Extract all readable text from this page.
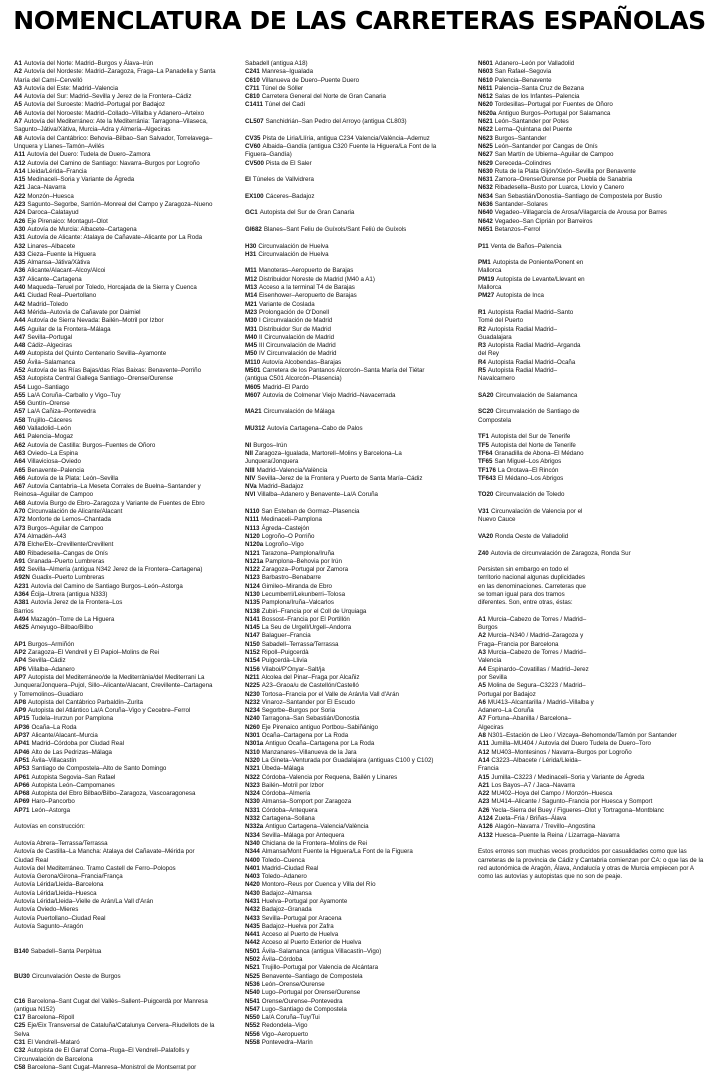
NOMENCLATURA DE LAS CARRETERAS ESPAÑOLAS
A1 Autovía del Norte: Madrid–Burgos y Álava–Irún
A2 Autovía del Nordeste: Madrid–Zaragoza, Fraga–La Panadella y Santa
María del Camí–Cervelló
A3 Autovía del Este: Madrid–Valencia
A4 Autovía del Sur: Madrid–Sevilla y Jerez de la Frontera–Cádiz
A5 Autovía del Suroeste: Madrid–Portugal por Badajoz
A6 Autovía del Noroeste: Madrid–Collado–Villalba y Adanero–Arteixo
A7 Autovía del Mediterráneo: Ate la Mediterránia: Tarragona–Vilaseca,
Sagunto–Játiva/Xàtiva, Murcia–Adra y Almería–Algeciras
A8 Autovía del Cantábrico: Behovia–Bilbao–San Salvador, Torrelavega–
Unquera y Llanes–Tamón–Avilés
A11 Autovía del Duero: Tudela de Duero–Zamora
A12 Autovía del Camino de Santiago: Navarra–Burgos por Logroño
A14 Lleida/Lérida–Francia
A15 Medinaceli–Soria y Variante de Ágreda
A21 Jaca–Navarra
A22 Monzón–Huesca
A23 Sagunto–Segorbe, Sarrión–Monreal del Campo y Zaragoza–Nueno
A24 Daroca–Calatayud
A26 Eje Pirenaico: Montagut–Olot
A30 Autovía de Murcia: Albacete–Cartagena
A31 Autovía de Alicante: Atalaya de Cañavate–Alicante por La Roda
A32 Linares–Albacete
A33 Cieza–Fuente la Higuera
A35 Almansa–Játiva/Xàtiva
A36 Alicante/Alacant–Alcoy/Alcoi
A37 Alicante–Cartagena
A40 Maqueda–Teruel por Toledo, Horcajada de la Sierra y Cuenca
A41 Ciudad Real–Puertollano
A42 Madrid–Toledo
A43 Mérida–Autovía de Cañavate por Daimiel
A44 Autovía de Sierra Nevada: Bailén–Motril por Izbor
A45 Aguilar de la Frontera–Málaga
A47 Sevilla–Portugal
A48 Cádiz–Algeciras
A49 Autopista del Quinto Centenario Sevilla–Ayamonte
A50 Ávila–Salamanca
A52 Autovía de las Rías Bajas/das Rías Baixas: Benavente–Porriño
A53 Autopista Central Gallega Santiago–Orense/Ourense
A54 Lugo–Santiago
A55 La/A Coruña–Carballo y Vigo–Tuy
A56 Guntín–Orense
A57 La/A Cañiza–Pontevedra
A58 Trujillo–Cáceres
A60 Valladolid–León
A61 Palencia–Mogaz
A62 Autovía de Castilla: Burgos–Fuentes de Oñoro
A63 Oviedo–La Espina
A64 Villaviciosa–Oviedo
A65 Benavente–Palencia
A66 Autovía de la Plata: León–Sevilla
A67 Autovía Cantabria–La Meseta Corrales de Buelna–Santander y
Reinosa–Aguilar de Campoo
A68 Autovía Burgo de Ebro–Zaragoza y Variante de Fuentes de Ebro
A70 Circunvalación de Alicante/Alacant
A72 Monforte de Lemos–Chantada
A73 Burgos–Aguilar de Campoo
A74 Almadén–A43
A78 Elche/Elx–Crevillente/Crevillent
A80 Ribadesella–Cangas de Onís
A91 Granada–Puerto Lumbreras
A92 Sevilla–Almería (antigua N342 Jerez de la Frontera–Cartagena)
A92N Guadix–Puerto Lumbreras
A231 Autovía del Camino de Santiago Burgos–León–Astorga
A364 Écija–Utrera (antigua N333)
A381 Autovía Jerez de la Frontera–Los
Barrios
A494 Mazagón–Torre de La Higuera
A625 Ameyugo–Bilbao/Bilbo
AP1 Burgos–Armiñón
AP2 Zaragoza–El Vendrell y El Papiol–Molins de Rei
AP4 Sevilla–Cádiz
AP6 Villalba–Adanero
AP7 Autopista del Mediterráneo/de la Mediterrània/del Mediterrani La
Junquera/Jonquera–Pujol, Sillo–Alicante/Alacant, Crevillente–Cartagena
y Torremolinos–Guadiaro
AP8 Autopista del Cantábrico Parbaldín–Zurita
AP9 Autopista del Atlántico La/A Coruña–Vigo y Cecebre–Ferrol
AP15 Tudela–Irurzun por Pamplona
AP36 Ocaña–La Roda
AP37 Alicante/Alacant–Murcia
AP41 Madrid–Córdoba por Ciudad Real
AP46 Alto de Las Pedrizas–Málaga
AP51 Ávila–Villacastín
AP53 Santiago de Compostela–Alto de Santo Domingo
AP61 Autopista Segovia–San Rafael
AP66 Autopista León–Campomanes
AP68 Autopista del Ebro Bilbao/Bilbo–Zaragoza, Vascoaragonesa
AP69 Haro–Pancorbo
AP71 León–Astorga
Autovías en construcción:
Autovía Abrera–Terrassa/Terrassa
Autovía de Castilla–La Mancha: Atalaya del Cañavate–Mérida por
Ciudad Real
Autovía del Mediterráneo. Tramo Castell de Ferro–Polopos
Autovía Gerona/Girona–Francia/França
Autovía Lérida/Lleida–Barcelona
Autovía Lérida/Lleida–Huesca
Autovía Lérida/Lleida–Vielle de Arán/La Vall d'Arán
Autovía Oviedo–Mieres
Autovía Puertollano–Ciudad Real
Autovía Sagunto–Aragón
B140 Sabadell–Santa Perpètua
BU30 Circunvalación Oeste de Burgos
C16 Barcelona–Sant Cugat del Vallès–Sallent–Puigcerdà por Manresa
(antigua N152)
C17 Barcelona–Ripoll
C25 Eje/Eix Transversal de Cataluña/Catalunya Cervera–Riudellots de la
Selva
C31 El Vendrell–Mataró
C32 Autopista de El Garraf Coma–Ruga–El Vendrell–Palafolls y
Circunvalación de Barcelona
C58 Barcelona–Sant Cugat–Manresa–Monistrol de Montserrat por
Sabadell (antigua A18)
C241 Manresa–Igualada
C610 Villanueva de Duero–Puente Duero
C711 Túnel de Sóller
C810 Carretera General del Norte de Gran Canaria
C1411 Túnel del Cadí
CL507 Sanchidrián–San Pedro del Arroyo (antigua CL803)
CV35 Pista de Liria/Llíria, antigua C234 Valencia/València–Ademuz
CV60 Albaida–Gandía (antigua C320 Fuente la Higuera/La Font de la
Figuera–Gandía)
CV500 Pista de El Saler
EI Túneles de Vallvidrera
EX100 Cáceres–Badajoz
GC1 Autopista del Sur de Gran Canaria
GI682 Blanes–Sant Feliu de Guíxols/Sant Feliú de Guíxols
H30 Circunvalación de Huelva
H31 Circunvalación de Huelva
M11 Manoteras–Aeropuerto de Barajas
M12 Distribuidor Noreste de Madrid (M40 a A1)
M13 Acceso a la terminal T4 de Barajas
M14 Eisenhower–Aeropuerto de Barajas
M21 Variante de Coslada
M23 Prolongación de O'Donell
M30 I Circunvalación de Madrid
M31 Distribuidor Sur de Madrid
M40 II Circunvalación de Madrid
M45 III Circunvalación de Madrid
M50 IV Circunvalación de Madrid
M110 Autovía Alcobendas–Barajas
M501 Carretera de los Pantanos Alcorcón–Santa María del Tiétar
(antigua C501 Alcorcón–Plasencia)
M605 Madrid–El Pardo
M607 Autovía de Colmenar Viejo Madrid–Navacerrada
MA21 Circunvalación de Málaga
MU312 Autovía Cartagena–Cabo de Palos
NI Burgos–Irún
NII Zaragoza–Igualada, Martorell–Molins y Barcelona–La
Junquera/Jonquera
NIII Madrid–Valencia/València
NIV Sevilla–Jerez de la Frontera y Puerto de Santa María–Cádiz
NVa Madrid–Badajoz
NVI Villalba–Adanero y Benavente–La/A Coruña
N110 San Esteban de Gormaz–Plasencia
N111 Medinaceli–Pamplona
N113 Ágreda–Castejón
N120 Logroño–O Porriño
N120a Logroño–Vigo
N121 Tarazona–Pamplona/Iruña
N121a Pamplona–Behovia por Irún
N122 Zaragoza–Portugal por Zamora
N123 Barbastro–Benabarre
N124 Gimileo–Miranda de Ebro
N130 Lecumberri/Lekunberri–Tolosa
N135 Pamplona/Iruña–Valcarlos
N138 Zubiri–Francia por el Coll de Urquiaga
N141 Bossost–Francia por El Portillón
N145 La Seu de Urgell/Urgell–Andorra
N147 Balaguer–Francia
N150 Sabadell–Terrassa/Terrassa
N152 Ripoll–Puigcerdà
N154 Puigcerdà–Llivia
N156 Vilaboi/P'Onyar–Salt/ja
N211 Alcolea del Pinar–Fraga por Alcañiz
N225 A23–Graoa/u de Castellón/Castelló
N230 Tortosa–Francia por el Valle de Arán/la Vall d'Arán
N232 Vinaroz–Santander por El Escudo
N234 Segorbe–Burgos por Soria
N240 Tarragona–San Sebastián/Donostia
N260 Eje Pirenaico antiguo Portbou–Sabiñánigo
N301 Ocaña–Cartagena por La Roda
N301a Antiguo Ocaña–Cartagena por La Roda
N310 Manzanares–Villanueva de la Jara
N320 La Gineta–Venturada por Guadalajara (antiguas C100 y C102)
N321 Úbeda–Málaga
N322 Córdoba–Valencia por Requena, Bailén y Linares
N323 Bailén–Motril por Izbor
N324 Córdoba–Almería
N330 Almansa–Somport por Zaragoza
N331 Córdoba–Antequera
N332 Cartagena–Sollana
N332a Antiguo Cartagena–Valencia/València
N334 Sevilla–Málaga por Antequera
N340 Chiclana de la Frontera–Molins de Rei
N344 Almansa/Mont Fuente la Higuera/La Font de la Figuera
N400 Toledo–Cuenca
N401 Madrid–Ciudad Real
N403 Toledo–Adanero
N420 Montoro–Reus por Cuenca y Villa del Río
N430 Badajoz–Almansa
N431 Huelva–Portugal por Ayamonte
N432 Badajoz–Granada
N433 Sevilla–Portugal por Aracena
N435 Badajoz–Huelva por Zafra
N441 Acceso al Puerto de Huelva
N442 Acceso al Puerto Exterior de Huelva
N501 Ávila–Salamanca (antigua Villacastín–Vigo)
N502 Ávila–Córdoba
N521 Trujillo–Portugal por Valencia de Alcántara
N525 Benavente–Santiago de Compostela
N536 León–Orense/Ourense
N540 Lugo–Portugal por Orense/Ourense
N541 Orense/Ourense–Pontevedra
N547 Lugo–Santiago de Compostela
N550 La/A Coruña–Tuy/Tui
N552 Redondela–Vigo
N556 Vigo–Aeropuerto
N558 Pontevedra–Marín
N601 Adanero–León por Valladolid
N603 San Rafael–Segovia
N610 Palencia–Benavente
N611 Palencia–Santa Cruz de Bezana
N612 Salas de los Infantes–Palencia
N620 Tordesillas–Portugal por Fuentes de Oñoro
N620a Antiguo Burgos–Portugal por Salamanca
N621 León–Santander por Potes
N622 Lerma–Quintana del Puente
N623 Burgos–Santander
N625 León–Santander por Cangas de Onís
N627 San Martín de Ubierna–Aguilar de Campoo
N629 Cereceda–Colindres
N630 Ruta de la Plata Gijón/Xixón–Sevilla por Benavente
N631 Zamora–Orense/Ourense por Puebla de Sanabria
N632 Ribadesella–Busto por Luarca, Llovio y Canero
N634 San Sebastián/Donostia–Santiago de Compostela por Bustio
N636 Santander–Solares
N640 Vegadeo–Villagarcía de Arosa/Vilagarcía de Arousa por Barres
N642 Vegadeo–San Ciprián por Barreiros
N651 Betanzos–Ferrol
P11 Venta de Baños–Palencia
PM1 Autopista de Poniente/Ponent en
Mallorca
PM19 Autopista de Levante/Llevant en
Mallorca
PM27 Autopista de Inca
R1 Autopista Radial Madrid–Santo
Tomé del Puerto
R2 Autopista Radial Madrid–
Guadalajara
R3 Autopista Radial Madrid–Arganda
del Rey
R4 Autopista Radial Madrid–Ocaña
R5 Autopista Radial Madrid–
Navalcarnero
SA20 Circunvalación de Salamanca
SC20 Circunvalación de Santiago de
Compostela
TF1 Autopista del Sur de Tenerife
TF5 Autopista del Norte de Tenerife
TF64 Granadilla de Abona–El Médano
TF65 San Miguel–Los Abrigos
TF176 La Orotava–El Rincón
TF643 El Médano–Los Abrigos
TO20 Circunvalación de Toledo
V31 Circunvalación de Valencia por el
Nuevo Cauce
VA20 Ronda Oeste de Valladolid
Z40 Autovía de circunvalación de Zaragoza, Ronda Sur
Persisten sin embargo en todo el
territorio nacional algunas duplicidades
en las denominaciones. Carreteras que
se toman igual para dos tramos
diferentes. Son, entre otras, éstas:
A1 Murcia–Cabezo de Torres / Madrid–
Burgos
A2 Murcia–N340 / Madrid–Zaragoza y
Fraga–Francia por Barcelona
A3 Murcia–Cabezo de Torres / Madrid–
Valencia
A4 Espinardo–Covatillas / Madrid–Jerez
por Sevilla
A5 Molina de Segura–C3223 / Madrid–
Portugal por Badajoz
A6 MU413–Alcantarilla / Madrid–Villalba y
Adanero–La Coruña
A7 Fortuna–Abanilla / Barcelona–
Algeciras
A8 N301–Estación de Lleo / Vizcaya–Behomonde/Tamón por Santander
A11 Jumilla–MU404 / Autovía del Duero Tudela de Duero–Toro
A12 MU403–Montesinos / Navarra–Burgos por Logroño
A14 C3223–Albacete / Lérida/Lleida–
Francia
A15 Jumilla–C3223 / Medinaceli–Soria y Variante de Ágreda
A21 Los Bayos–A7 / Jaca–Navarra
A22 MU402–Hoya del Campo / Monzón–Huesca
A23 MU414–Alicante / Sagunto–Francia por Huesca y Somport
A26 Yecla–Sierra del Buey / Figueres–Olot y Tortragona–Montblanc
A124 Zueta–Fria / Briñas–Álava
A126 Alagón–Navarra / Trevillo–Angostina
A132 Huesca–Puente la Reina / Lizarraga–Navarra
Estos errores son muchas veces producidos por casualidades como que las carreteras de la provincia de Cádiz y Cantabria comienzan por CA: o que las de la red autonómica de Aragón, Álava, Andalucía y otras de Murcia empiecen por A como las autovías y autopistas que no son de peaje.
